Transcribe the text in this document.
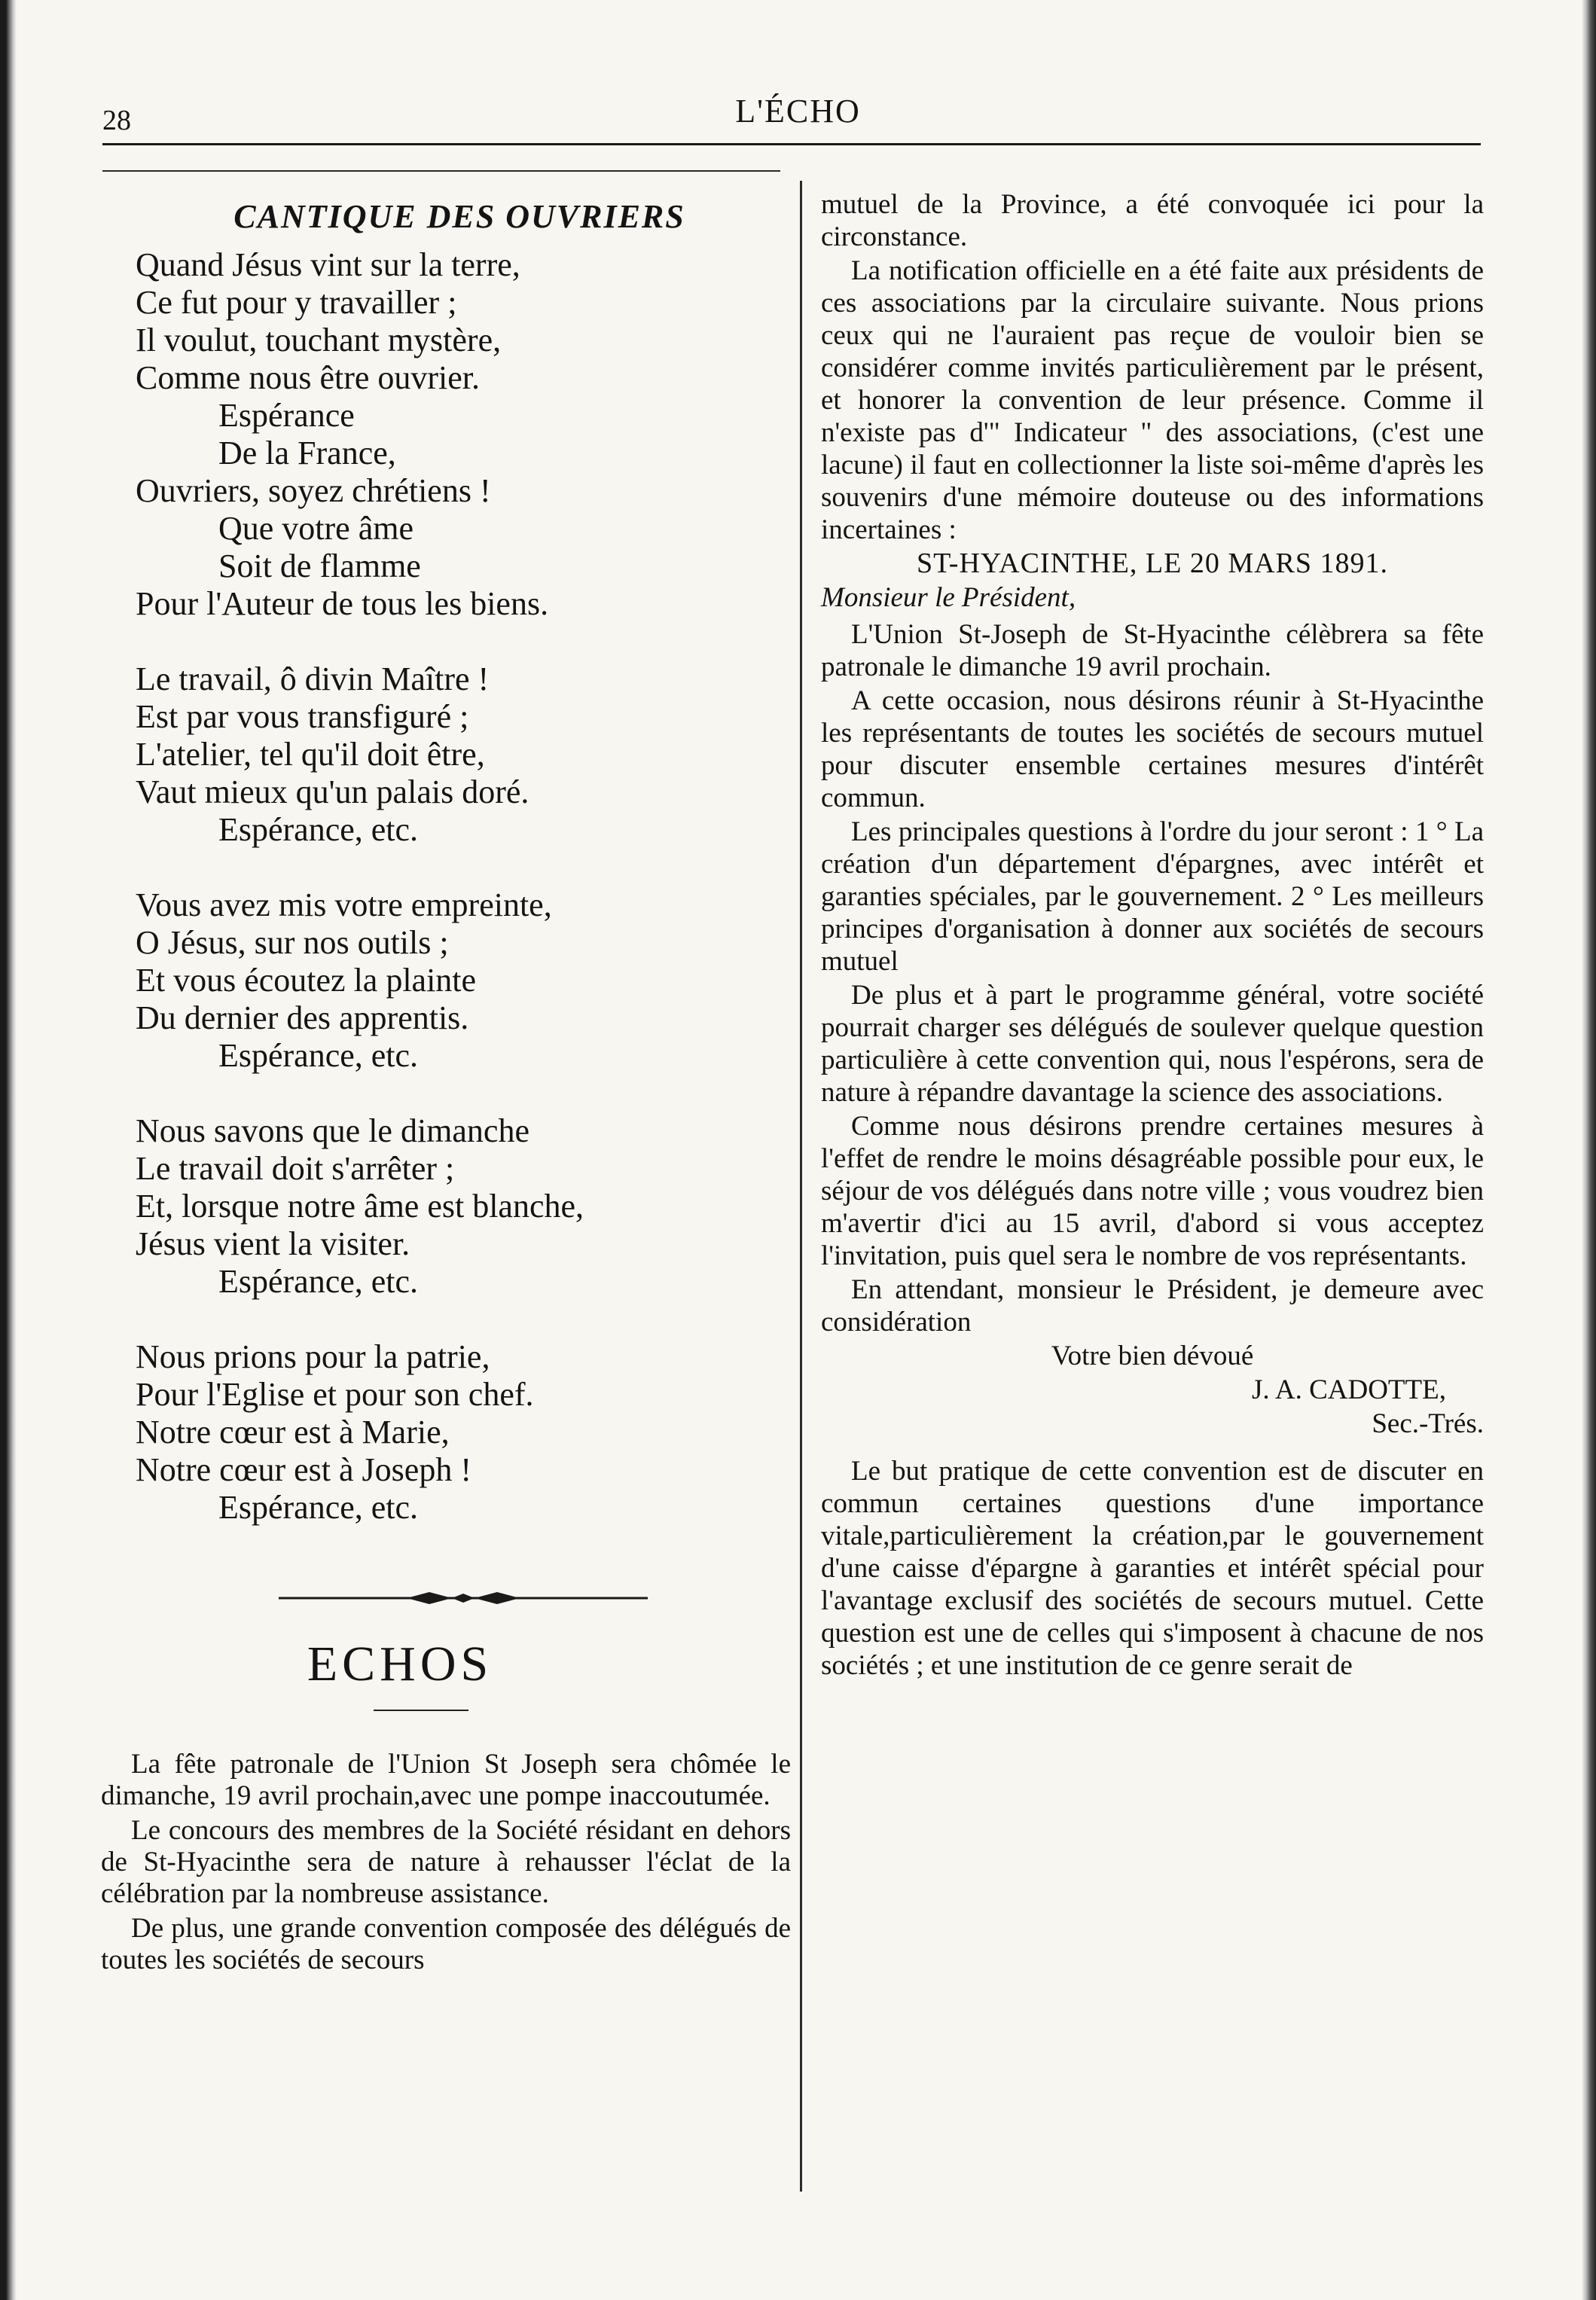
28	L'ÉCHO
CANTIQUE DES OUVRIERS
Quand Jésus vint sur la terre,
Ce fut pour y travailler ;
Il voulut, touchant mystère,
Comme nous être ouvrier.
Espérance
De la France,
Ouvriers, soyez chrétiens !
Que votre âme
Soit de flamme
Pour l'Auteur de tous les biens.
Le travail, ô divin Maître !
Est par vous transfiguré ;
L'atelier, tel qu'il doit être,
Vaut mieux qu'un palais doré.
Espérance, etc.
Vous avez mis votre empreinte,
O Jésus, sur nos outils ;
Et vous écoutez la plainte
Du dernier des apprentis.
Espérance, etc.
Nous savons que le dimanche
Le travail doit s'arrêter ;
Et, lorsque notre âme est blanche,
Jésus vient la visiter.
Espérance, etc.
Nous prions pour la patrie,
Pour l'Eglise et pour son chef.
Notre cœur est à Marie,
Notre cœur est à Joseph !
Espérance, etc.
ECHOS

La fête patronale de l'Union St Joseph sera chômée le dimanche, 19 avril prochain,avec une pompe inaccoutumée.

Le concours des membres de la Société résidant en dehors de St-Hyacinthe sera de nature à rehausser l'éclat de la célébration par la nombreuse assistance.

De plus, une grande convention composée des délégués de toutes les sociétés de secours

mutuel de la Province, a été convoquée ici pour la circonstance.

La notification officielle en a été faite aux présidents de ces associations par la circulaire suivante. Nous prions ceux qui ne l'auraient pas reçue de vouloir bien se considérer comme invités particulièrement par le présent, et honorer la convention de leur présence. Comme il n'existe pas d'" Indicateur " des associations, (c'est une lacune) il faut en collectionner la liste soi-même d'après les souvenirs d'une mémoire douteuse ou des informations incertaines :

ST-HYACINTHE, LE 20 MARS 1891.

Monsieur le Président,

L'Union St-Joseph de St-Hyacinthe célèbrera sa fête patronale le dimanche 19 avril prochain.

A cette occasion, nous désirons réunir à St-Hyacinthe les représentants de toutes les sociétés de secours mutuel pour discuter ensemble certaines mesures d'intérêt commun.

Les principales questions à l'ordre du jour seront : 1 ° La création d'un département d'épargnes, avec intérêt et garanties spéciales, par le gouvernement. 2 ° Les meilleurs principes d'organisation à donner aux sociétés de secours mutuel

De plus et à part le programme général, votre société pourrait charger ses délégués de soulever quelque question particulière à cette convention qui, nous l'espérons, sera de nature à répandre davantage la science des associations.

Comme nous désirons prendre certaines mesures à l'effet de rendre le moins désagréable possible pour eux, le séjour de vos délégués dans notre ville ; vous voudrez bien m'avertir d'ici au 15 avril, d'abord si vous acceptez l'invitation, puis quel sera le nombre de vos représentants.

En attendant, monsieur le Président, je demeure avec considération

Votre bien dévoué

J. A. CADOTTE,

Sec.-Trés.

Le but pratique de cette convention est de discuter en commun certaines questions d'une importance vitale,particulièrement la création,par le gouvernement d'une caisse d'épargne à garanties et intérêt spécial pour l'avantage exclusif des sociétés de secours mutuel. Cette question est une de celles qui s'imposent à chacune de nos sociétés ; et une institution de ce genre serait de
